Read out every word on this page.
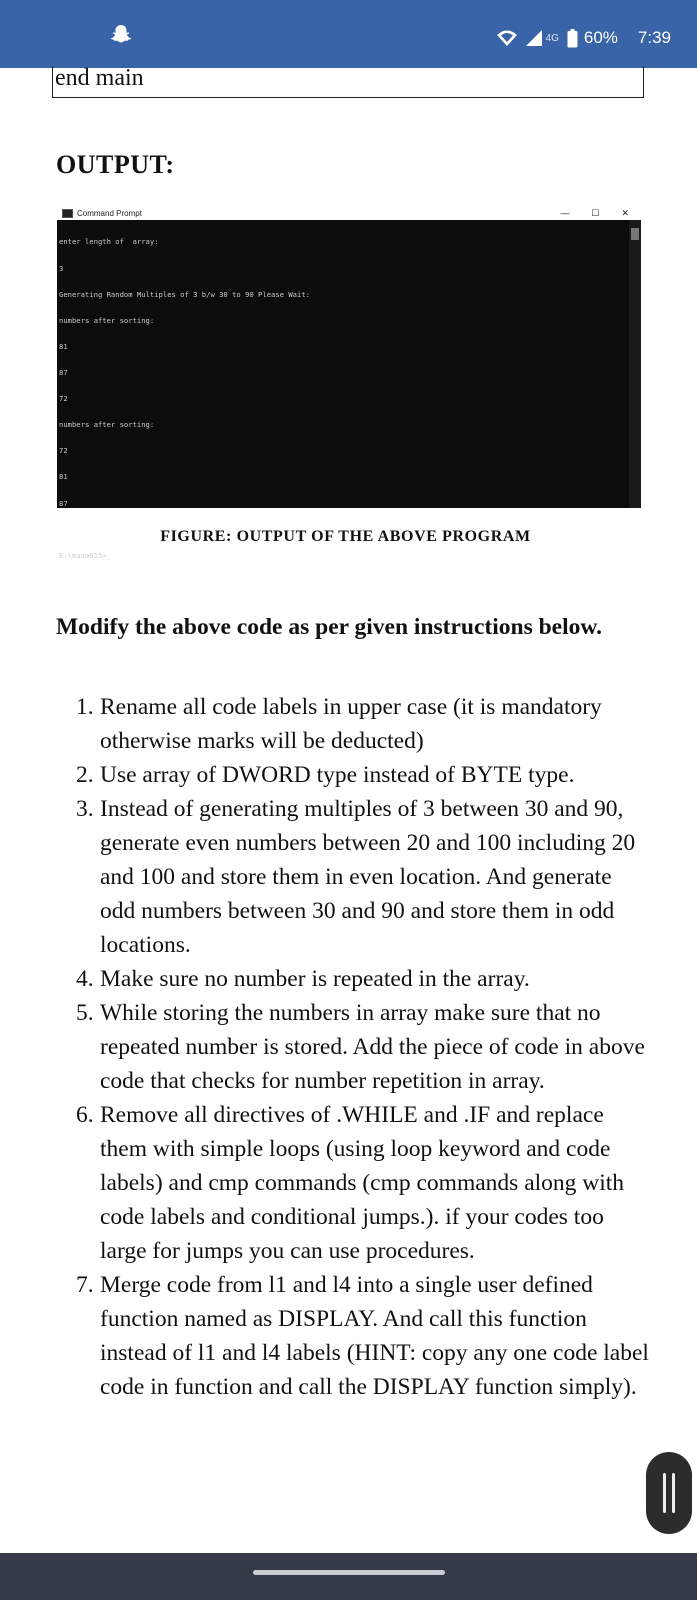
4G 60% 7:39
end main
OUTPUT:
Command Prompt	— ☐ ✕

enter length of  array:

3

Generating Random Multiples of 3 b/w 30 to 90 Please Wait:

numbers after sorting:

81

87

72

numbers after sorting:

72

81

87

E:\masm615>_

FIGURE: OUTPUT OF THE ABOVE PROGRAM
Modify the above code as per given instructions below.
1. Rename all code labels in upper case (it is mandatory otherwise marks will be deducted)
2. Use array of DWORD type instead of BYTE type.
3. Instead of generating multiples of 3 between 30 and 90, generate even numbers between 20 and 100 including 20 and 100 and store them in even location. And generate odd numbers between 30 and 90 and store them in odd locations.
4. Make sure no number is repeated in the array.
5. While storing the numbers in array make sure that no repeated number is stored. Add the piece of code in above code that checks for number repetition in array.
6. Remove all directives of .WHILE and .IF and replace them with simple loops (using loop keyword and code labels) and cmp commands (cmp commands along with code labels and conditional jumps.). if your codes too large for jumps you can use procedures.
7. Merge code from l1 and l4 into a single user defined function named as DISPLAY. And call this function instead of l1 and l4 labels (HINT: copy any one code label code in function and call the DISPLAY function simply).
